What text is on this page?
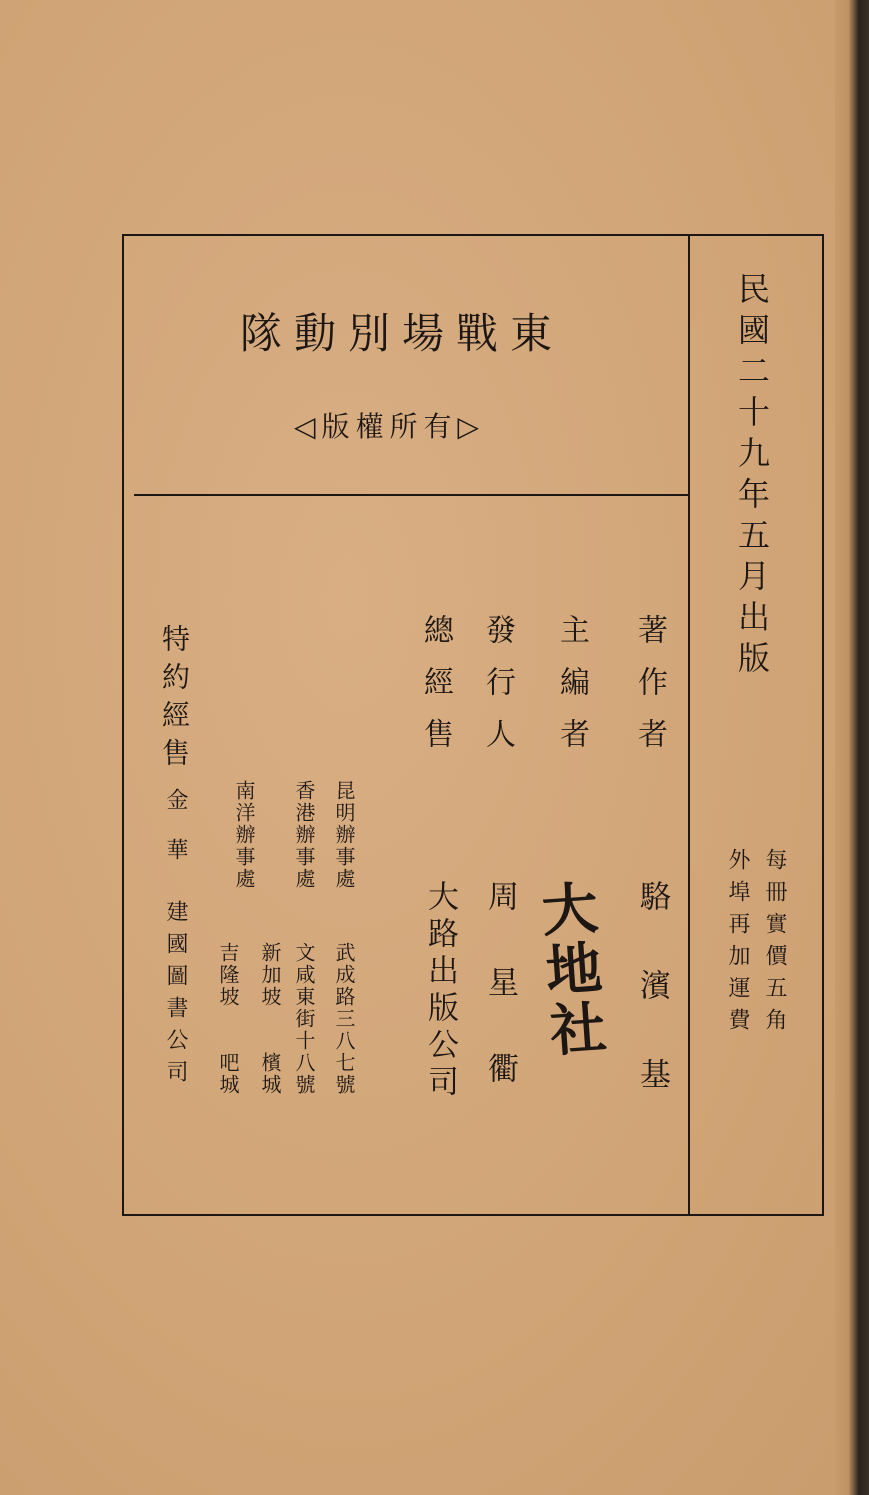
東戰場別動隊
◁版權所有▷	民國二十九年五月出版
每冊實價五角
外埠再加運費
著作者
主編者
發行人
總經售
駱濱基
大地社
周星衢
大路出版公司
昆明辦事處
武成路三八七號
香港辦事處
文咸東街十八號
南洋辦事處
新加坡
檳城
吉隆坡
吧城
特約經售
金華
建國圖書公司
